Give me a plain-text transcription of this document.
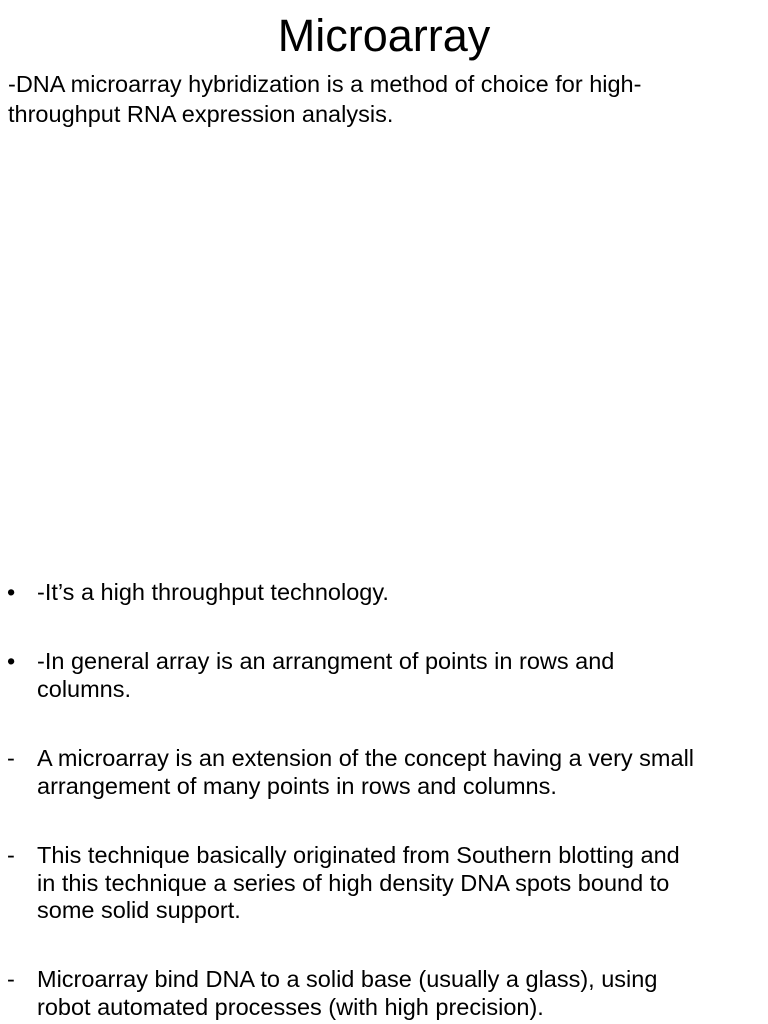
Microarray
-DNA microarray hybridization is a method of choice for high-
throughput RNA expression analysis.
• -It’s a high throughput technology.
• -In general array is an arrangment of points in rows and
columns.
- A microarray is an extension of the concept having a very small
arrangement of many points in rows and columns.
- This technique basically originated from Southern blotting and
in this technique a series of high density DNA spots bound to
some solid support.
- Microarray bind DNA to a solid base (usually a glass), using
robot automated processes (with high precision).
